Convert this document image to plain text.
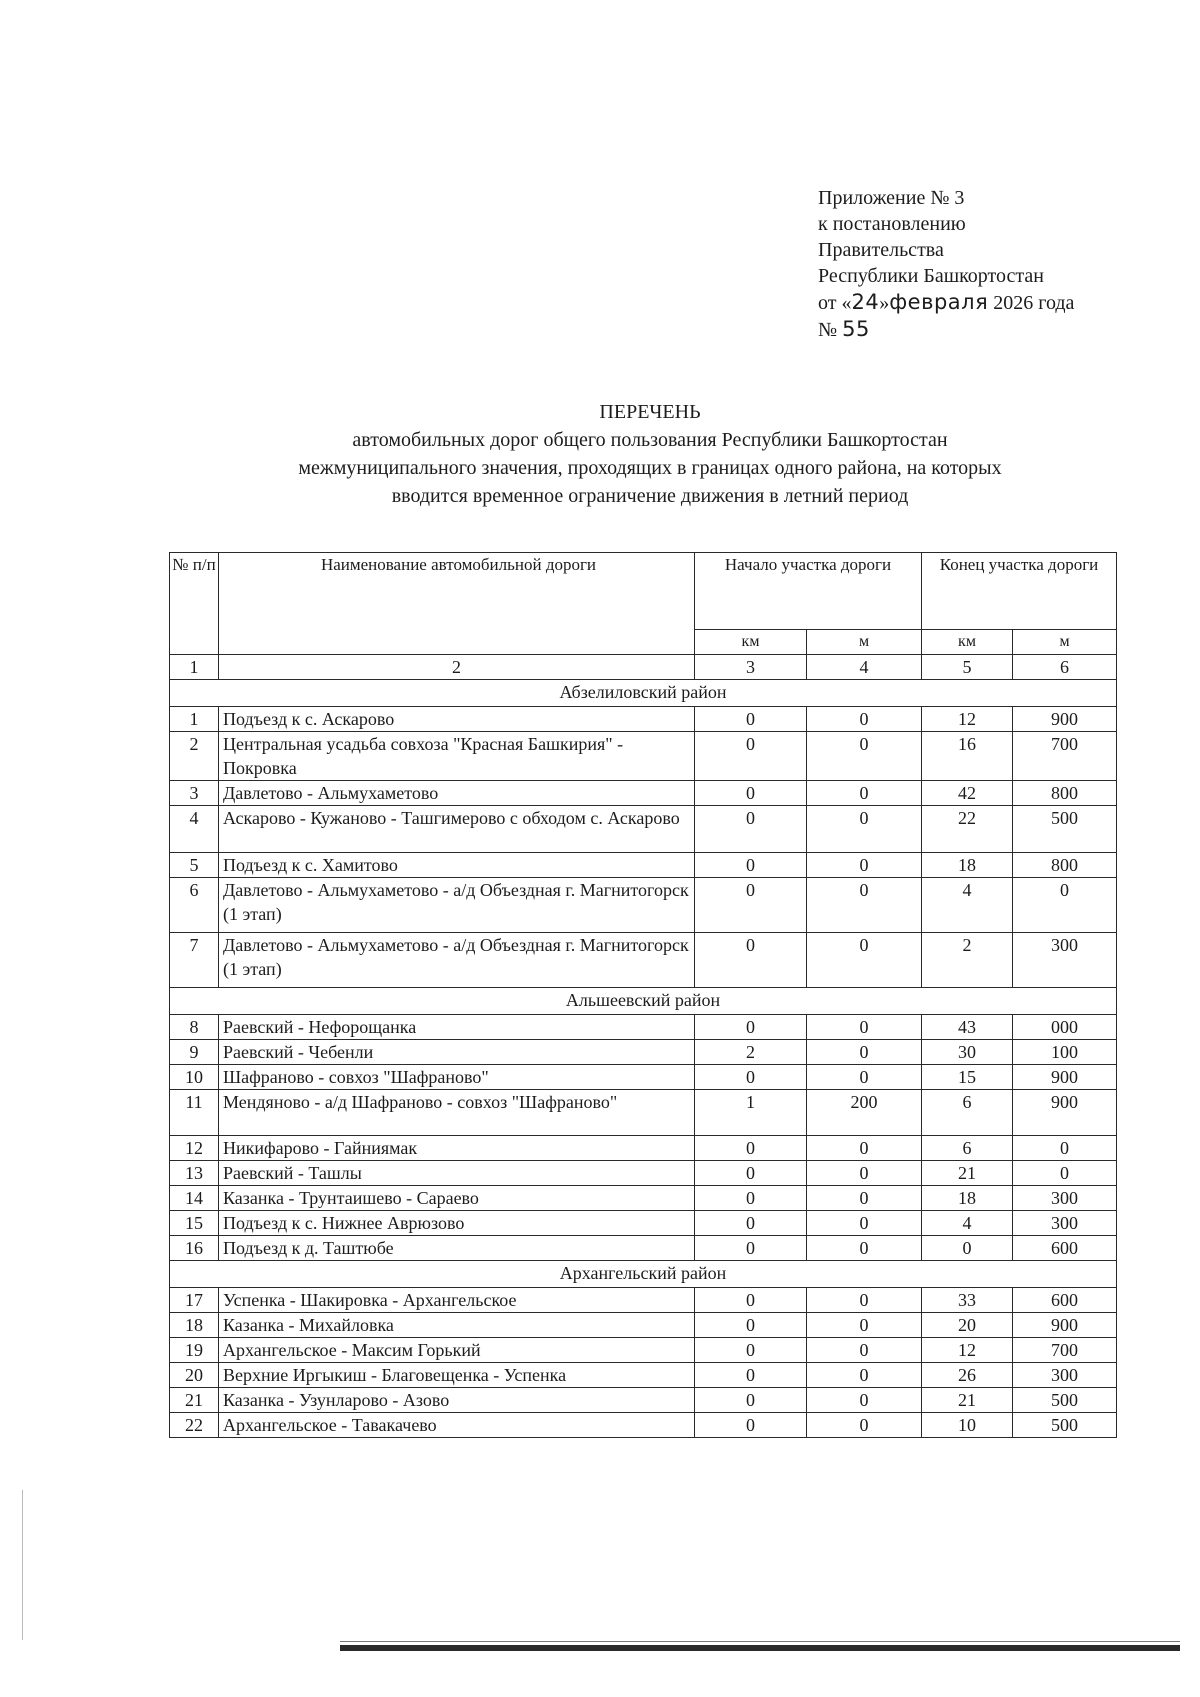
Приложение № 3
к постановлению
Правительства
Республики Башкортостан
от «24»февраля 2026 года
№ 55
ПЕРЕЧЕНЬ
автомобильных дорог общего пользования Республики Башкортостан
межмуниципального значения, проходящих в границах одного района, на которых
вводится временное ограничение движения в летний период
№ п/п	Наименование автомобильной дороги	Начало участка дороги		Конец участка дороги	
		км	м	км	м
1	2	3	4	5	6
Абзелиловский район					
1	Подъезд к с. Аскарово	0	0	12	900
2	Центральная усадьба совхоза "Красная Башкирия" - Покровка	0	0	16	700
3	Давлетово - Альмухаметово	0	0	42	800
4	Аскарово - Кужаново - Ташгимерово с обходом с. Аскарово	0	0	22	500
5	Подъезд к с. Хамитово	0	0	18	800
6	Давлетово - Альмухаметово - а/д Объездная г. Магнитогорск (1 этап)	0	0	4	0
7	Давлетово - Альмухаметово - а/д Объездная г. Магнитогорск (1 этап)	0	0	2	300
Альшеевский район					
8	Раевский - Нефорощанка	0	0	43	000
9	Раевский - Чебенли	2	0	30	100
10	Шафраново - совхоз "Шафраново"	0	0	15	900
11	Мендяново - а/д Шафраново - совхоз "Шафраново"	1	200	6	900
12	Никифарово - Гайниямак	0	0	6	0
13	Раевский - Ташлы	0	0	21	0
14	Казанка - Трунтаишево - Сараево	0	0	18	300
15	Подъезд к с. Нижнее Аврюзово	0	0	4	300
16	Подъезд к д. Таштюбе	0	0	0	600
Архангельский район					
17	Успенка - Шакировка - Архангельское	0	0	33	600
18	Казанка - Михайловка	0	0	20	900
19	Архангельское - Максим Горький	0	0	12	700
20	Верхние Иргыкиш - Благовещенка - Успенка	0	0	26	300
21	Казанка - Узунларово - Азово	0	0	21	500
22	Архангельское - Тавакачево	0	0	10	500
